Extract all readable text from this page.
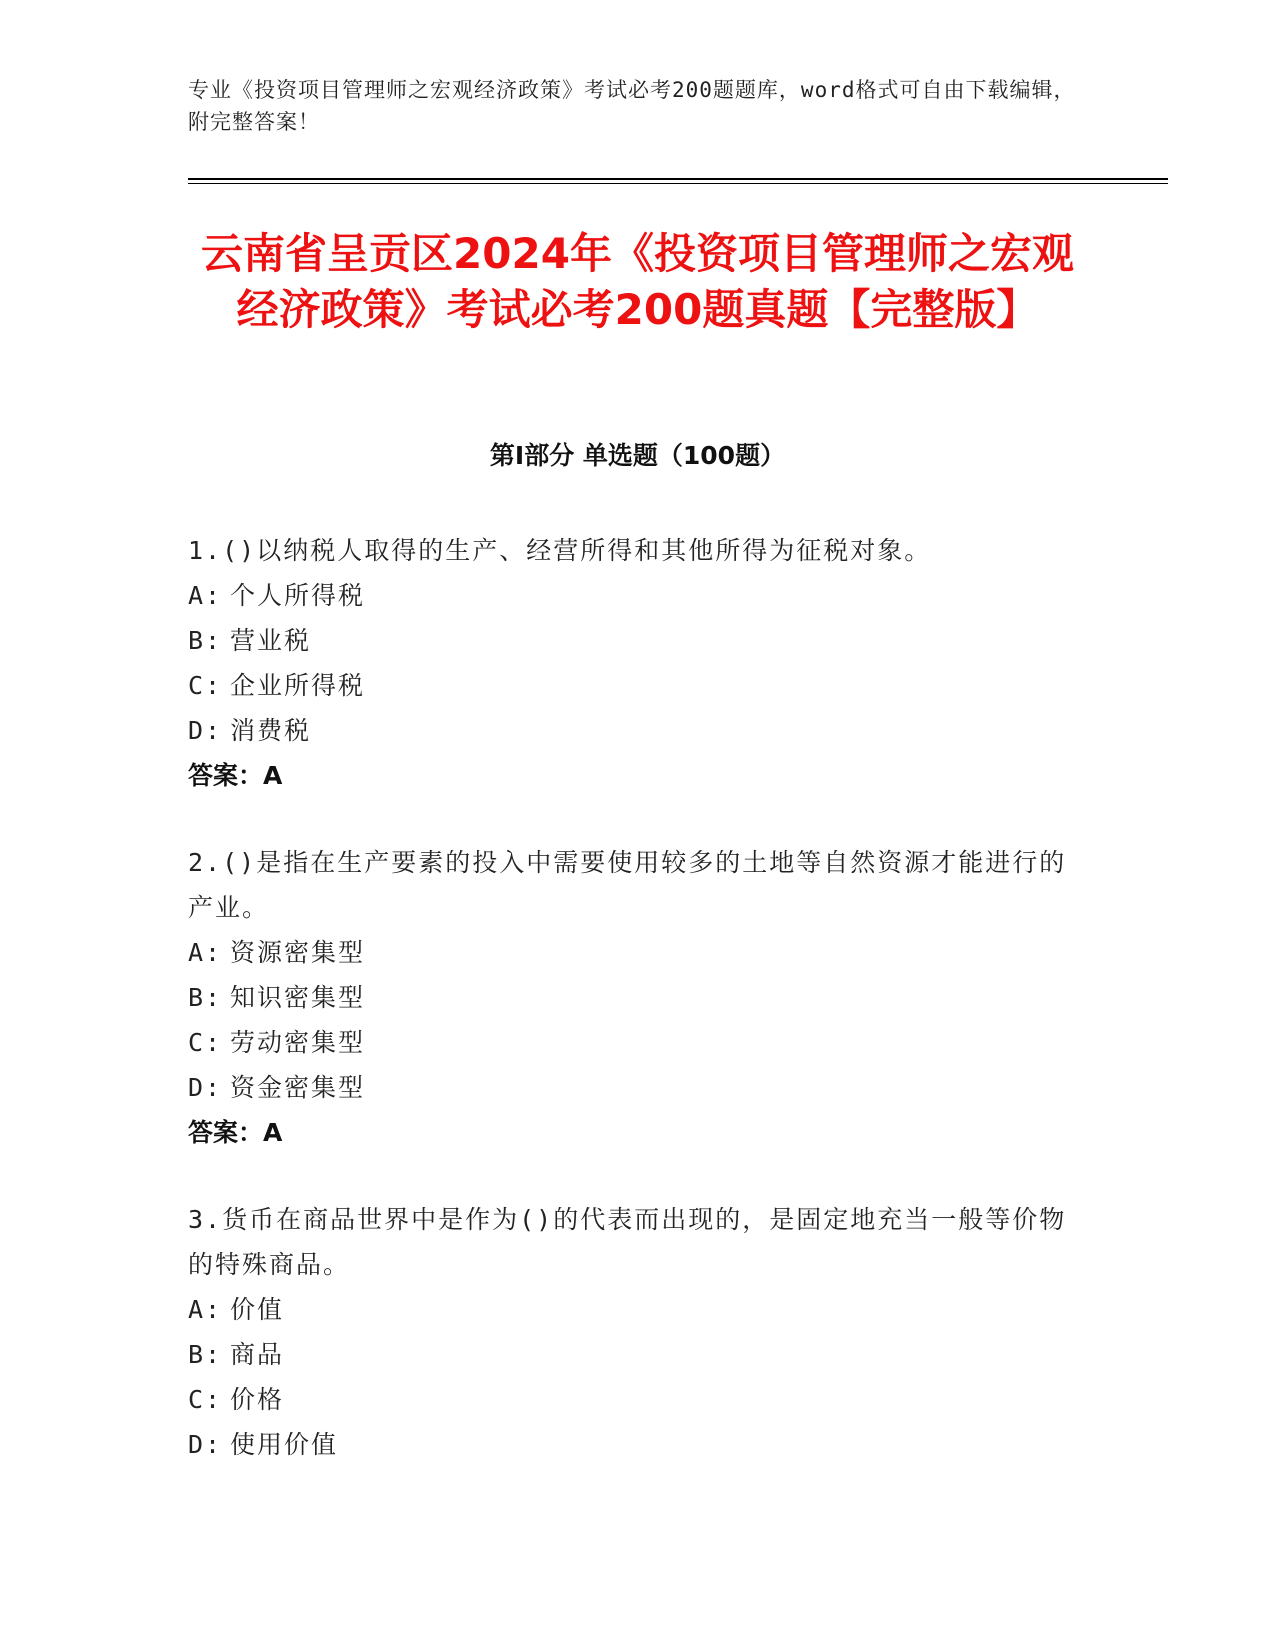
专业《投资项目管理师之宏观经济政策》考试必考200题题库，word格式可自由下载编辑，附完整答案！
云南省呈贡区2024年《投资项目管理师之宏观经济政策》考试必考200题真题【完整版】
第I部分 单选题（100题）
1.()以纳税人取得的生产、经营所得和其他所得为征税对象。
A: 个人所得税
B: 营业税
C: 企业所得税
D: 消费税
答案：A
2.()是指在生产要素的投入中需要使用较多的土地等自然资源才能进行的产业。
A: 资源密集型
B: 知识密集型
C: 劳动密集型
D: 资金密集型
答案：A
3.货币在商品世界中是作为()的代表而出现的，是固定地充当一般等价物的特殊商品。
A: 价值
B: 商品
C: 价格
D: 使用价值
